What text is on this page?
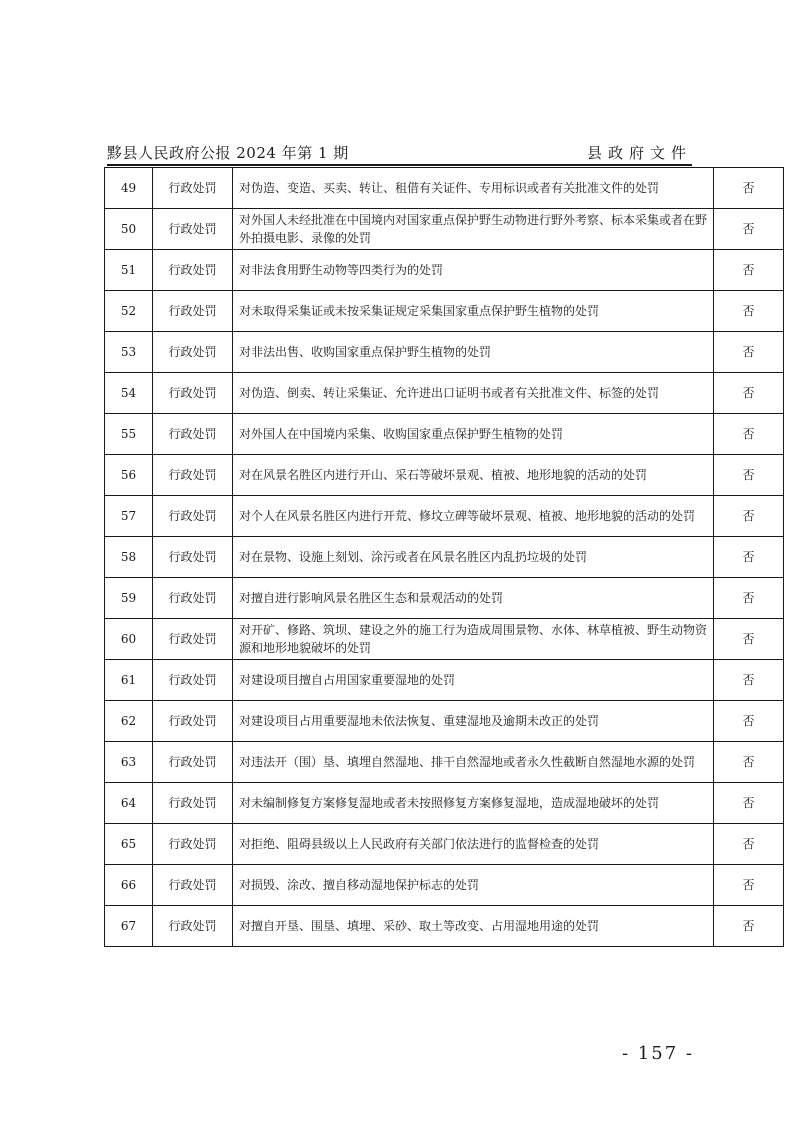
黟县人民政府公报 2024 年第 1 期	县政府文件
49	行政处罚	对伪造、变造、买卖、转让、租借有关证件、专用标识或者有关批准文件的处罚	否
50	行政处罚	对外国人未经批准在中国境内对国家重点保护野生动物进行野外考察、标本采集或者在野外拍摄电影、录像的处罚	否
51	行政处罚	对非法食用野生动物等四类行为的处罚	否
52	行政处罚	对未取得采集证或未按采集证规定采集国家重点保护野生植物的处罚	否
53	行政处罚	对非法出售、收购国家重点保护野生植物的处罚	否
54	行政处罚	对伪造、倒卖、转让采集证、允许进出口证明书或者有关批准文件、标签的处罚	否
55	行政处罚	对外国人在中国境内采集、收购国家重点保护野生植物的处罚	否
56	行政处罚	对在风景名胜区内进行开山、采石等破坏景观、植被、地形地貌的活动的处罚	否
57	行政处罚	对个人在风景名胜区内进行开荒、修坟立碑等破坏景观、植被、地形地貌的活动的处罚	否
58	行政处罚	对在景物、设施上刻划、涂污或者在风景名胜区内乱扔垃圾的处罚	否
59	行政处罚	对擅自进行影响风景名胜区生态和景观活动的处罚	否
60	行政处罚	对开矿、修路、筑坝、建设之外的施工行为造成周围景物、水体、林草植被、野生动物资源和地形地貌破坏的处罚	否
61	行政处罚	对建设项目擅自占用国家重要湿地的处罚	否
62	行政处罚	对建设项目占用重要湿地未依法恢复、重建湿地及逾期未改正的处罚	否
63	行政处罚	对违法开（围）垦、填埋自然湿地、排干自然湿地或者永久性截断自然湿地水源的处罚	否
64	行政处罚	对未编制修复方案修复湿地或者未按照修复方案修复湿地，造成湿地破坏的处罚	否
65	行政处罚	对拒绝、阻碍县级以上人民政府有关部门依法进行的监督检查的处罚	否
66	行政处罚	对损毁、涂改、擅自移动湿地保护标志的处罚	否
67	行政处罚	对擅自开垦、围垦、填埋、采砂、取土等改变、占用湿地用途的处罚	否
- 157 -
